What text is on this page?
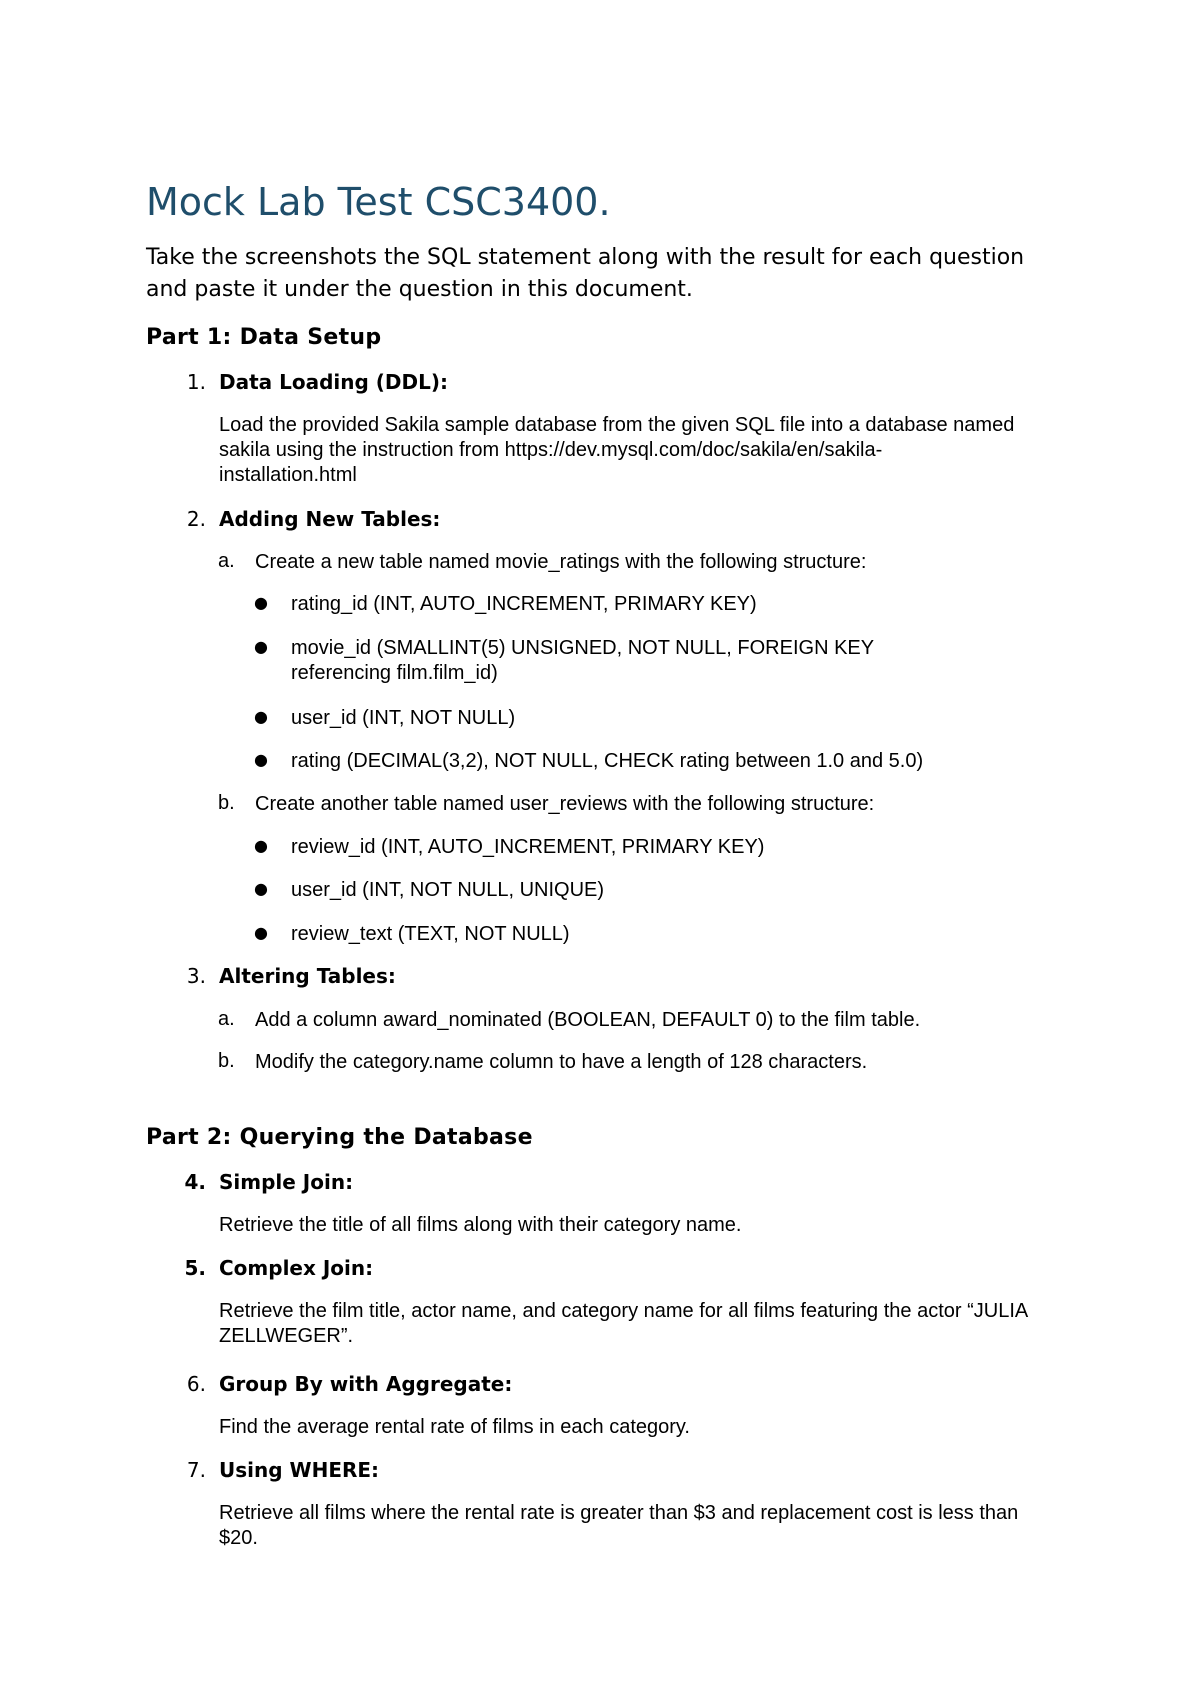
Mock Lab Test CSC3400.

Take the screenshots the SQL statement along with the result for each question and paste it under the question in this document.

Part 1: Data Setup
1. Data Loading (DDL):
Load the provided Sakila sample database from the given SQL file into a database named sakila using the instruction from https://dev.mysql.com/doc/sakila/en/sakila-installation.html
2. Adding New Tables:
a. Create a new table named movie_ratings with the following structure:
● rating_id (INT, AUTO_INCREMENT, PRIMARY KEY)
● movie_id (SMALLINT(5) UNSIGNED, NOT NULL, FOREIGN KEY referencing film.film_id)
● user_id (INT, NOT NULL)
● rating (DECIMAL(3,2), NOT NULL, CHECK rating between 1.0 and 5.0)
b. Create another table named user_reviews with the following structure:
● review_id (INT, AUTO_INCREMENT, PRIMARY KEY)
● user_id (INT, NOT NULL, UNIQUE)
● review_text (TEXT, NOT NULL)
3. Altering Tables:
a. Add a column award_nominated (BOOLEAN, DEFAULT 0) to the film table.
b. Modify the category.name column to have a length of 128 characters.
Part 2: Querying the Database
4. Simple Join:
Retrieve the title of all films along with their category name.
5. Complex Join:
Retrieve the film title, actor name, and category name for all films featuring the actor “JULIA ZELLWEGER”.
6. Group By with Aggregate:
Find the average rental rate of films in each category.
7. Using WHERE:
Retrieve all films where the rental rate is greater than $3 and replacement cost is less than $20.
